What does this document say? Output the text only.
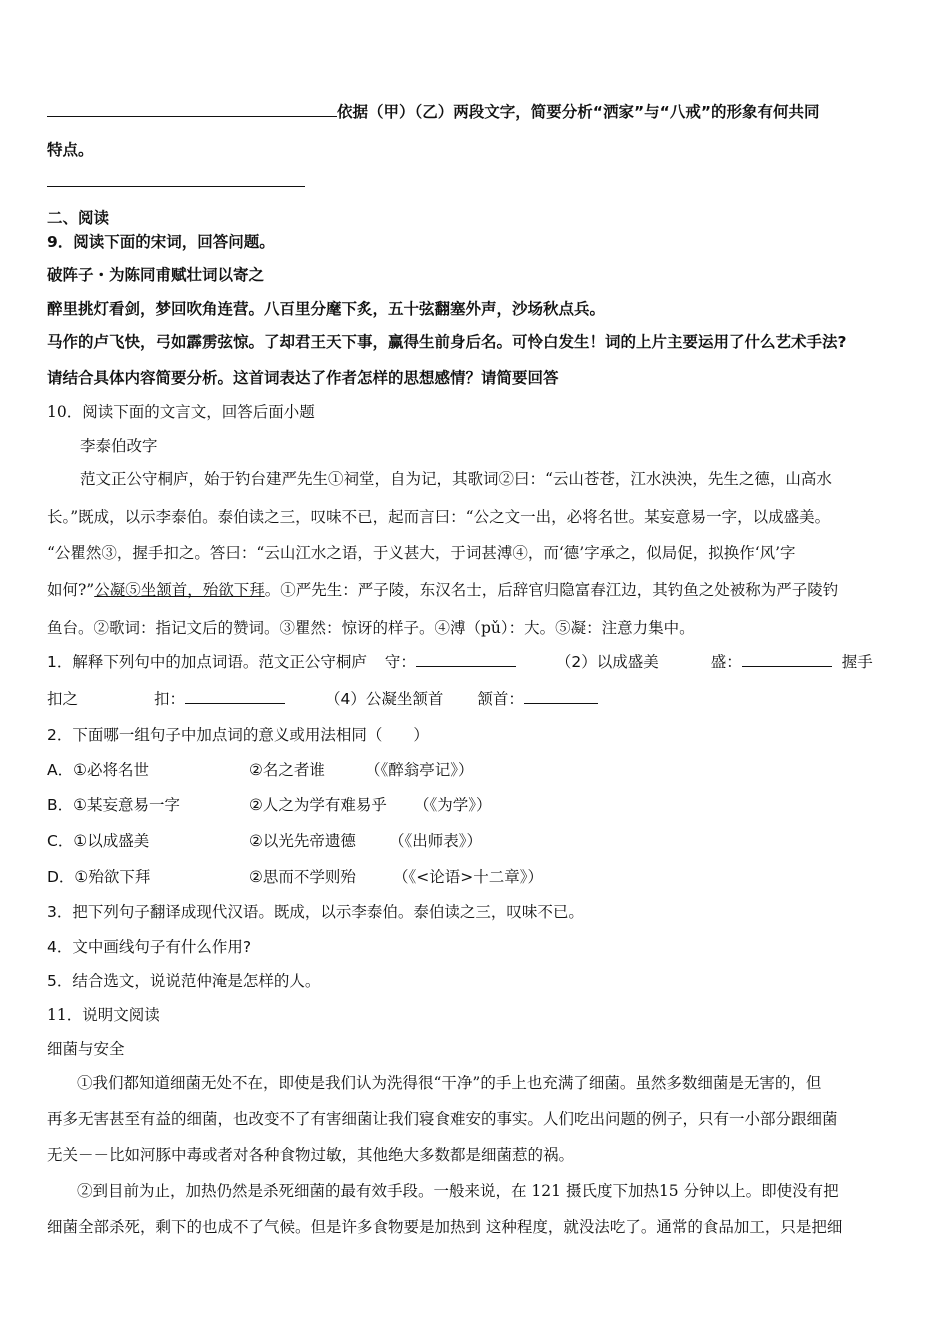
依据（甲）（乙）两段文字，简要分析“洒家”与“八戒”的形象有何共同
特点。
二、阅读
9．阅读下面的宋词，回答问题。
破阵子・为陈同甫赋壮词以寄之
醉里挑灯看剑，梦回吹角连营。八百里分麾下炙，五十弦翻塞外声，沙场秋点兵。
马作的卢飞快，弓如霹雳弦惊。了却君王天下事，赢得生前身后名。可怜白发生！词的上片主要运用了什么艺术手法?
请结合具体内容简要分析。这首词表达了作者怎样的思想感情？请简要回答
10．阅读下面的文言文，回答后面小题
李泰伯改字
范文正公守桐庐，始于钓台建严先生①祠堂，自为记，其歌词②曰：“云山苍苍，江水泱泱，先生之德，山高水
长。”既成，以示李泰伯。泰伯读之三，叹味不已，起而言曰：“公之文一出，必将名世。某妄意易一字，以成盛美。
“公瞿然③，握手扣之。答曰：“云山江水之语，于义甚大，于词甚溥④，而‘德’字承之，似局促，拟换作‘风’字
如何?”公凝⑤坐颔首，殆欲下拜。①严先生：严子陵，东汉名士，后辞官归隐富春江边，其钓鱼之处被称为严子陵钓
鱼台。②歌词：指记文后的赞词。③瞿然：惊讶的样子。④溥（pǔ）：大。⑤凝：注意力集中。
1．解释下列句中的加点词语。范文正公守桐庐 守：	（2）以成盛美	盛：	握手
扣之	扣：	（4）公凝坐颔首 颔首：
2．下面哪一组句子中加点词的意义或用法相同（　　）
A．①必将名世	②名之者谁	（《醉翁亭记》）
B．①某妄意易一字	②人之为学有难易乎 （《为学》）
C．①以成盛美	②以光先帝遗德 （《出师表》）
D．①殆欲下拜	②思而不学则殆 （《<论语>十二章》）
3．把下列句子翻译成现代汉语。既成，以示李泰伯。泰伯读之三，叹味不已。
4．文中画线句子有什么作用?
5．结合选文，说说范仲淹是怎样的人。
11．说明文阅读
细菌与安全
①我们都知道细菌无处不在，即使是我们认为洗得很“干净”的手上也充满了细菌。虽然多数细菌是无害的，但
再多无害甚至有益的细菌，也改变不了有害细菌让我们寝食难安的事实。人们吃出问题的例子，只有一小部分跟细菌
无关－－比如河豚中毒或者对各种食物过敏，其他绝大多数都是细菌惹的祸。
②到目前为止，加热仍然是杀死细菌的最有效手段。一般来说，在 121 摄氏度下加热15 分钟以上。即使没有把
细菌全部杀死，剩下的也成不了气候。但是许多食物要是加热到 这种程度，就没法吃了。通常的食品加工，只是把细
